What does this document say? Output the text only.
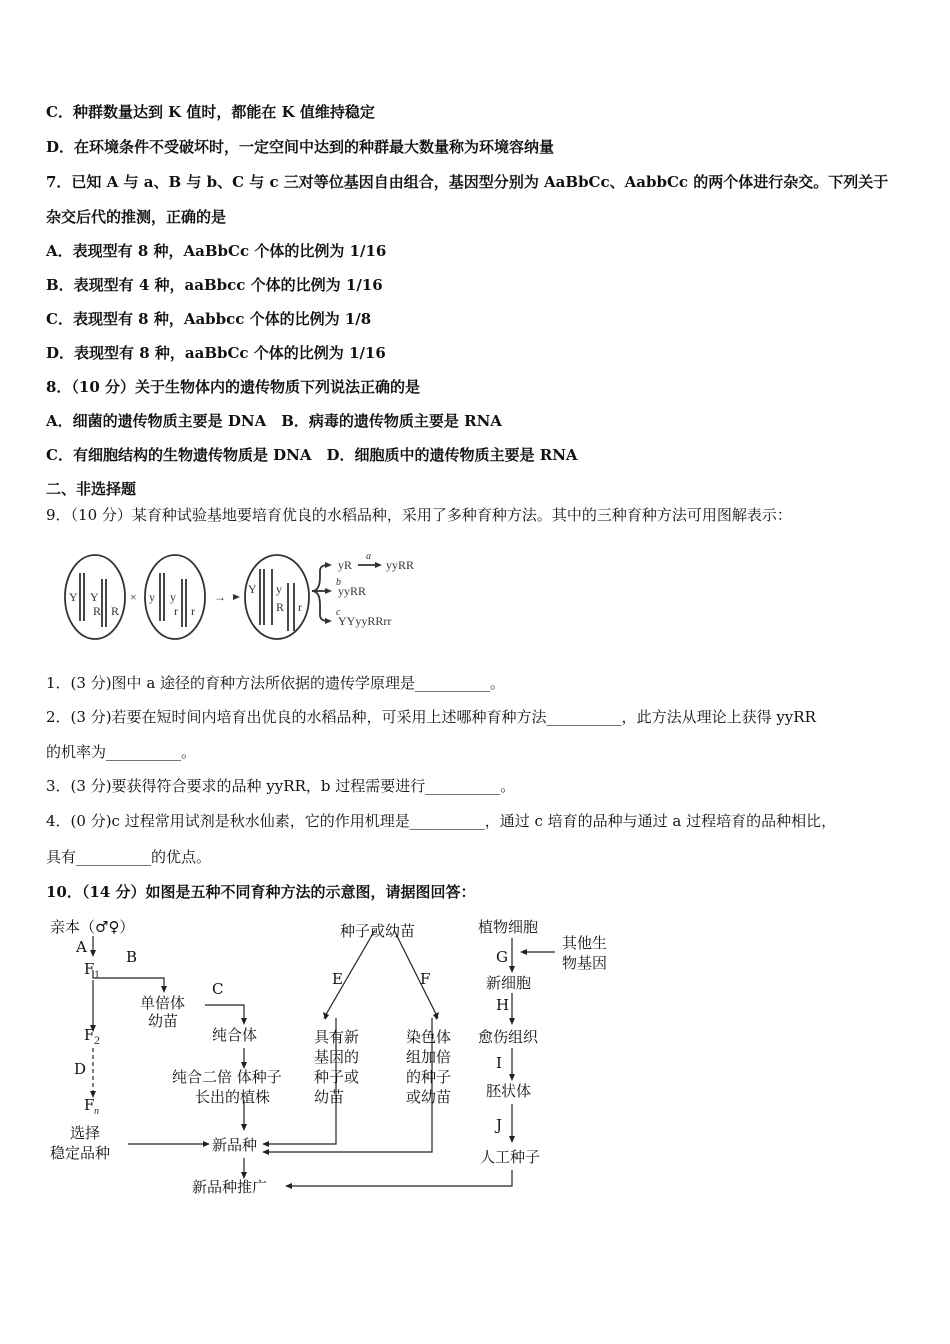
C．种群数量达到 K 值时，都能在 K 值维持稳定
D．在环境条件不受破坏时，一定空间中达到的种群最大数量称为环境容纳量
7．已知 A 与 a、B 与 b、C 与 c 三对等位基因自由组合，基因型分别为 AaBbCc、AabbCc 的两个体进行杂交。下列关于
杂交后代的推测，正确的是
A．表现型有 8 种，AaBbCc 个体的比例为 1/16
B．表现型有 4 种，aaBbcc 个体的比例为 1/16
C．表现型有 8 种，Aabbcc 个体的比例为 1/8
D．表现型有 8 种，aaBbCc 个体的比例为 1/16
8．（10 分）关于生物体内的遗传物质下列说法正确的是
A．细菌的遗传物质主要是 DNA　B．病毒的遗传物质主要是 RNA
C．有细胞结构的生物遗传物质是 DNA　D．细胞质中的遗传物质主要是 RNA
二、非选择题
9．（10 分）某育种试验基地要培育优良的水稻品种，采用了多种育种方法。其中的三种育种方法可用图解表示：
Y Y
R R
× y y
r r
→
Y y
R r
yR
a
yyRR
b
yyRR
c
YYyyRRrr
1．(3 分)图中 a 途径的育种方法所依据的遗传学原理是__________。
2．(3 分)若要在短时间内培育出优良的水稻品种，可采用上述哪种育种方法__________，此方法从理论上获得 yyRR
的机率为__________。
3．(3 分)要获得符合要求的品种 yyRR，b 过程需要进行__________。
4．(0 分)c 过程常用试剂是秋水仙素，它的作用机理是__________，通过 c 培育的品种与通过 a 过程培育的品种相比，
具有__________的优点。
10．（14 分）如图是五种不同育种方法的示意图，请据图回答：
亲本（♂♀）
A
F 1
B
单倍体
幼苗
C
纯合体
纯合二倍 体种子
长出的植株
F 2
D
F n
选择
稳定品种	新品种
新品种推广
种子或幼苗
E	F
具有新
基因的
种子或
幼苗
染色体
组加倍
的种子
或幼苗
植物细胞
G
其他生
物基因
新细胞
H
愈伤组织
I
胚状体
J
人工种子
